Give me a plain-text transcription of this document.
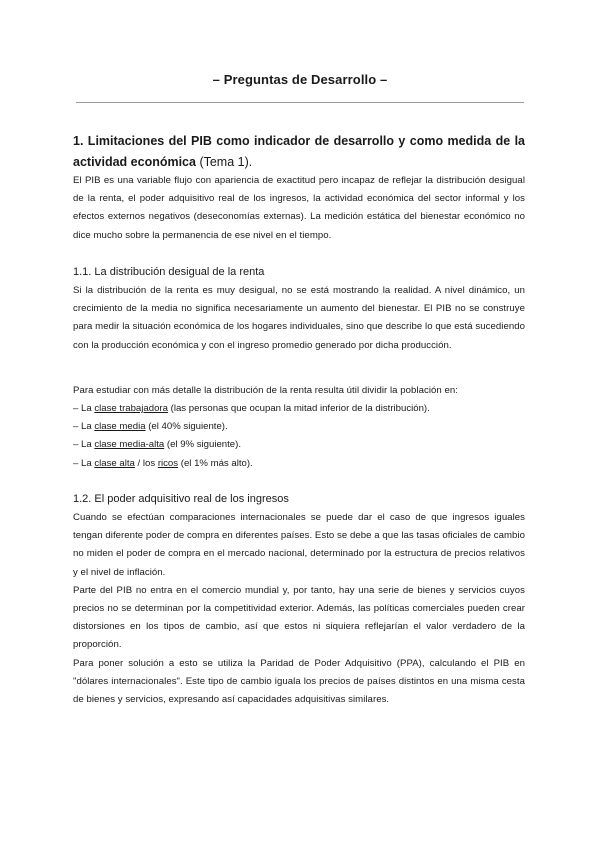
– Preguntas de Desarrollo –
1. Limitaciones del PIB como indicador de desarrollo y como medida de la actividad económica (Tema 1).

El PIB es una variable flujo con apariencia de exactitud pero incapaz de reflejar la distribución desigual de la renta, el poder adquisitivo real de los ingresos, la actividad económica del sector informal y los efectos externos negativos (deseconomías externas). La medición estática del bienestar económico no dice mucho sobre la permanencia de ese nivel en el tiempo.

1.1. La distribución desigual de la renta

Si la distribución de la renta es muy desigual, no se está mostrando la realidad. A nivel dinámico, un crecimiento de la media no significa necesariamente un aumento del bienestar. El PIB no se construye para medir la situación económica de los hogares individuales, sino que describe lo que está sucediendo con la producción económica y con el ingreso promedio generado por dicha producción.

Para estudiar con más detalle la distribución de la renta resulta útil dividir la población en:

– La clase trabajadora (las personas que ocupan la mitad inferior de la distribución).
– La clase media (el 40% siguiente).
– La clase media-alta (el 9% siguiente).
– La clase alta / los ricos (el 1% más alto).
1.2. El poder adquisitivo real de los ingresos

Cuando se efectúan comparaciones internacionales se puede dar el caso de que ingresos iguales tengan diferente poder de compra en diferentes países. Esto se debe a que las tasas oficiales de cambio no miden el poder de compra en el mercado nacional, determinado por la estructura de precios relativos y el nivel de inflación.

Parte del PIB no entra en el comercio mundial y, por tanto, hay una serie de bienes y servicios cuyos precios no se determinan por la competitividad exterior. Además, las políticas comerciales pueden crear distorsiones en los tipos de cambio, así que estos ni siquiera reflejarían el valor verdadero de la proporción.

Para poner solución a esto se utiliza la Paridad de Poder Adquisitivo (PPA), calculando el PIB en "dólares internacionales". Este tipo de cambio iguala los precios de países distintos en una misma cesta de bienes y servicios, expresando así capacidades adquisitivas similares.
